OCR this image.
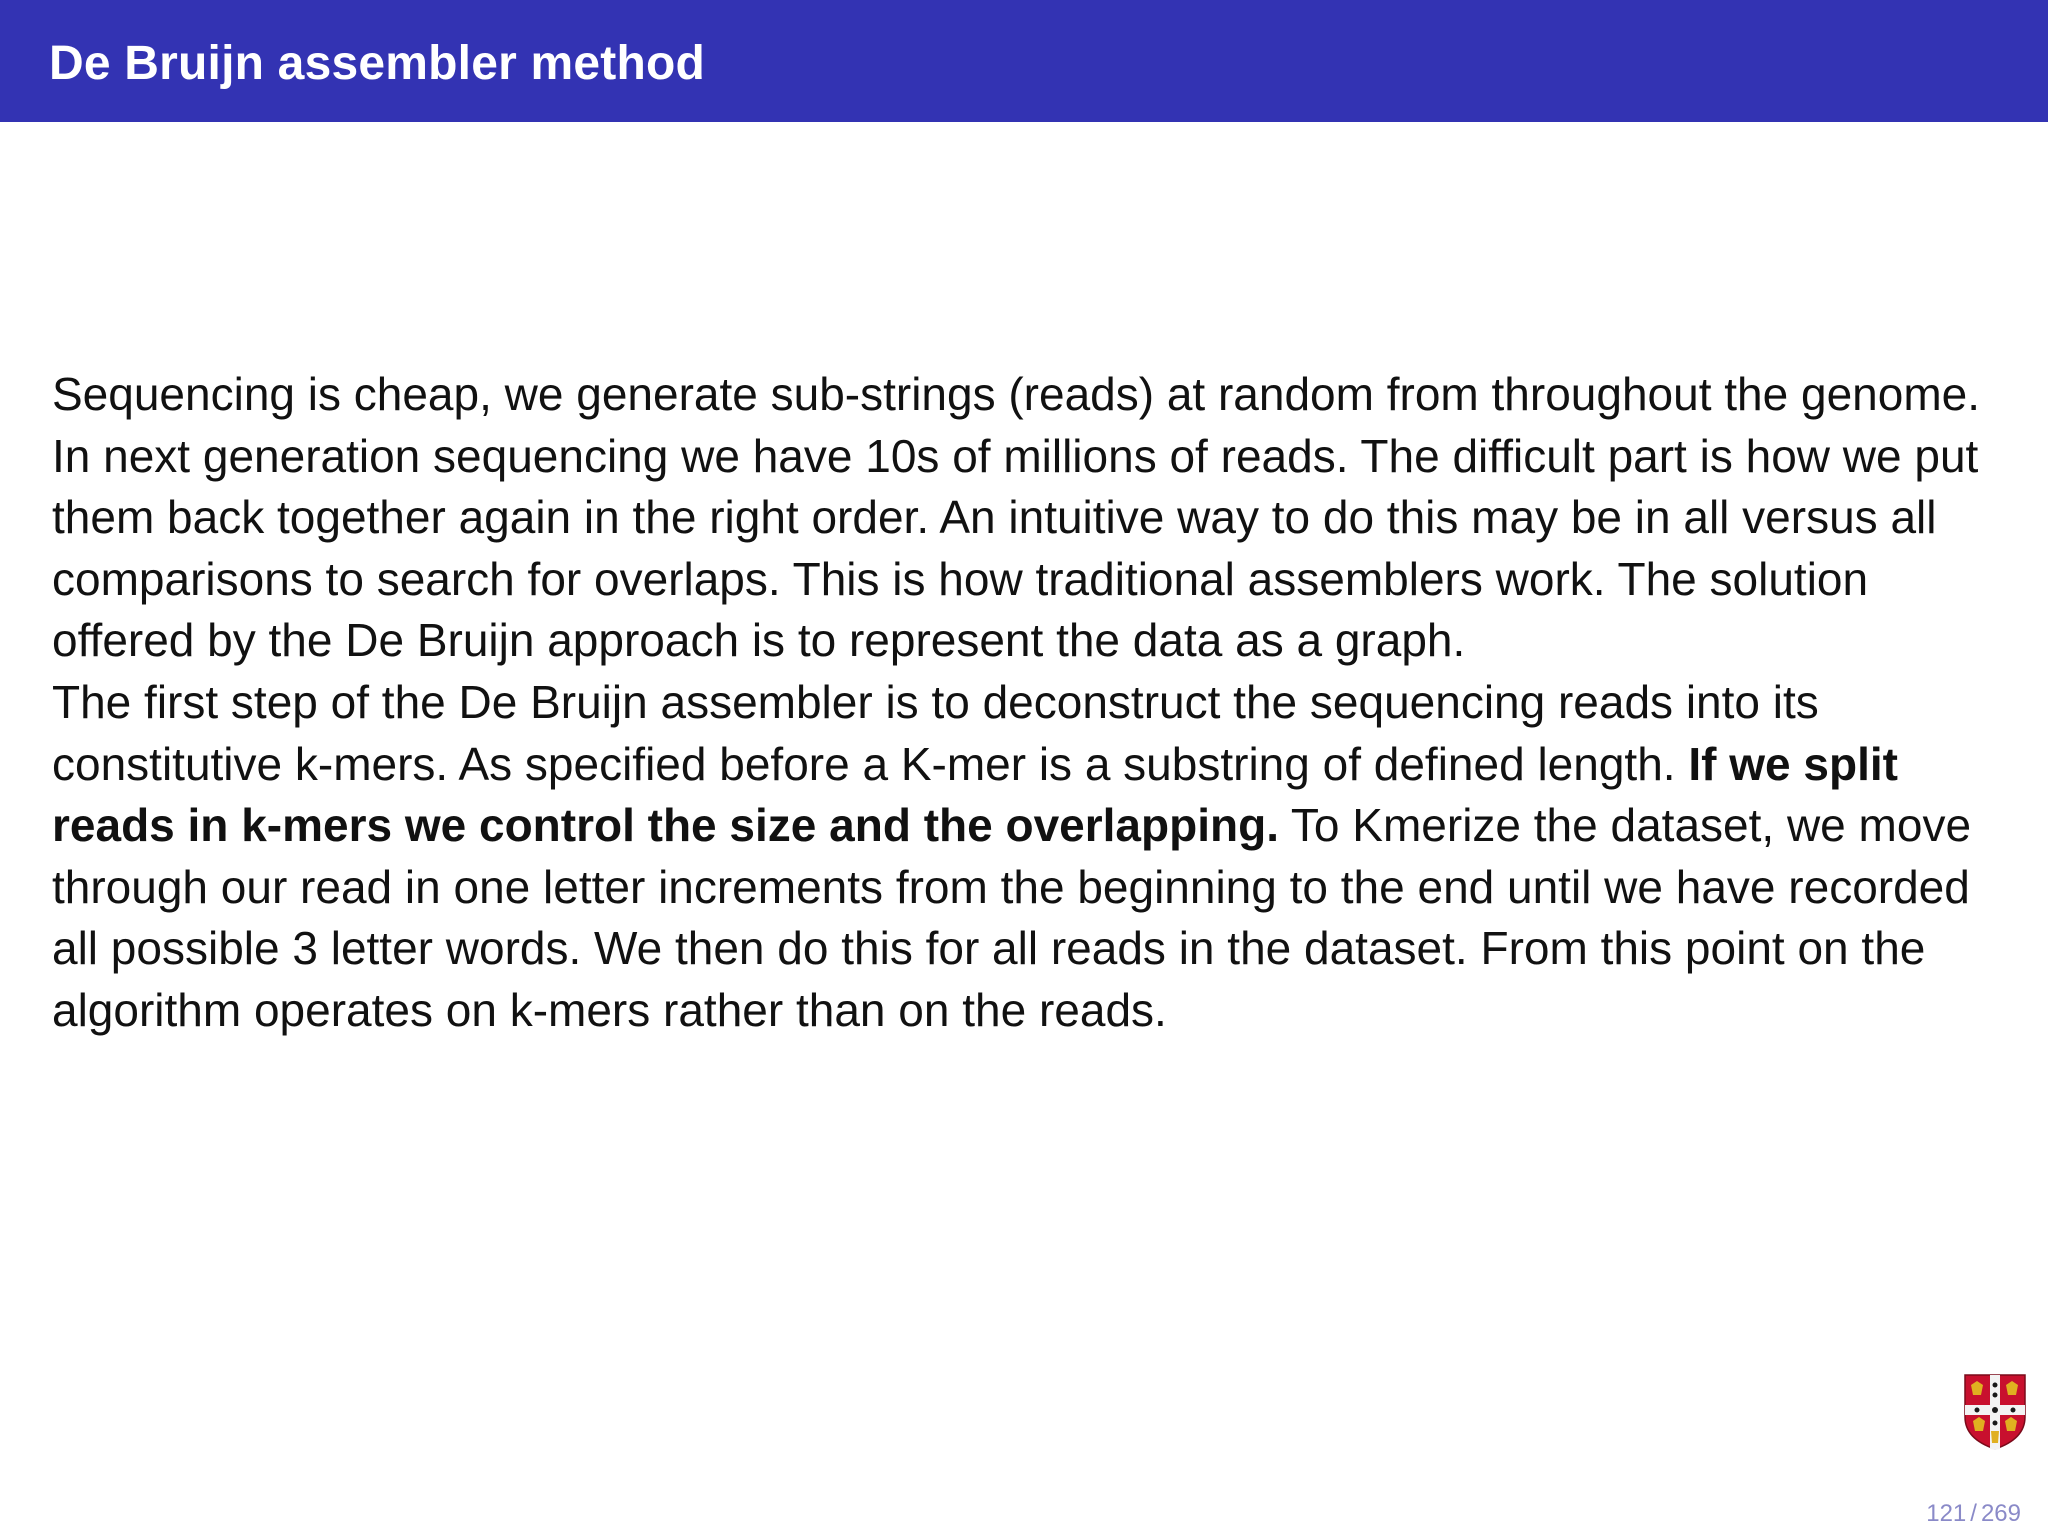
De Bruijn assembler method

Sequencing is cheap, we generate sub-strings (reads) at random from throughout the genome. In next generation sequencing we have 10s of millions of reads. The difficult part is how we put them back together again in the right order. An intuitive way to do this may be in all versus all comparisons to search for overlaps. This is how traditional assemblers work. The solution offered by the De Bruijn approach is to represent the data as a graph.

The first step of the De Bruijn assembler is to deconstruct the sequencing reads into its constitutive k-mers. As specified before a K-mer is a substring of defined length. If we split reads in k-mers we control the size and the overlapping. To Kmerize the dataset, we move through our read in one letter increments from the beginning to the end until we have recorded all possible 3 letter words. We then do this for all reads in the dataset. From this point on the algorithm operates on k-mers rather than on the reads.

121 / 269
